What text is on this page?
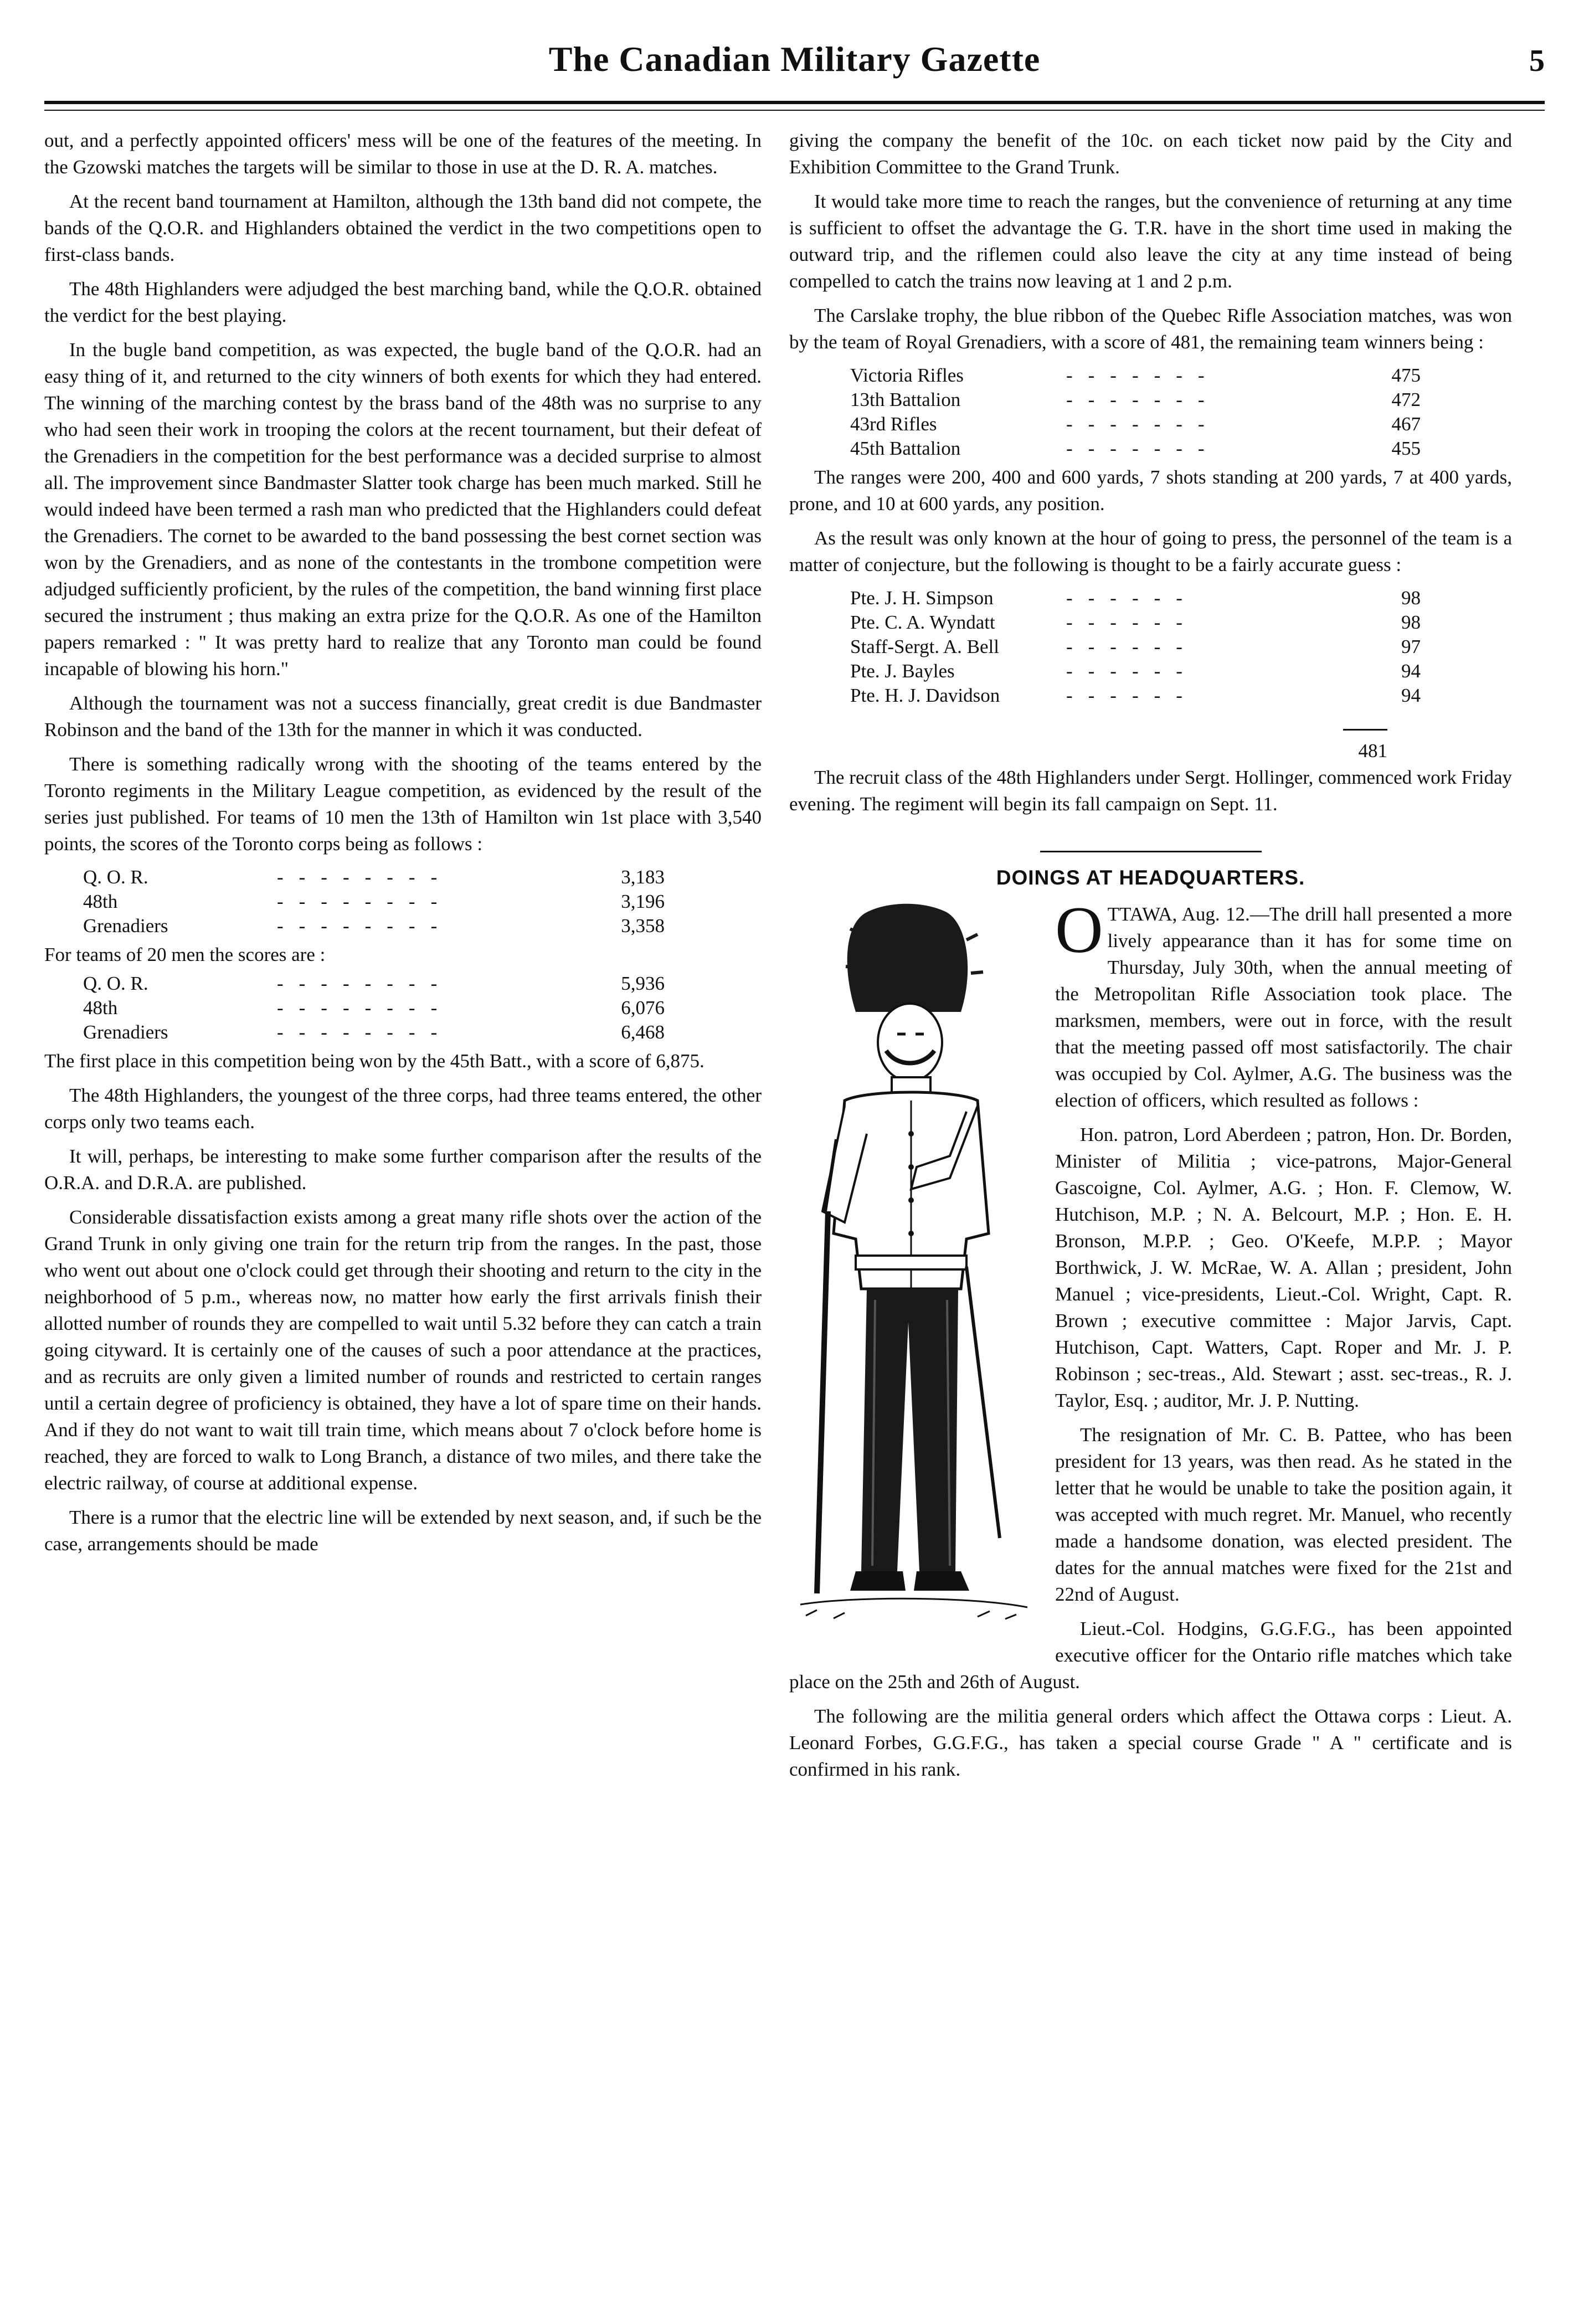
The Canadian Military Gazette	5

out, and a perfectly appointed officers' mess will be one of the features of the meeting. In the Gzowski matches the targets will be similar to those in use at the D. R. A. matches.

At the recent band tournament at Hamilton, although the 13th band did not compete, the bands of the Q.O.R. and Highlanders obtained the verdict in the two competitions open to first-class bands.

The 48th Highlanders were adjudged the best marching band, while the Q.O.R. obtained the verdict for the best playing.

In the bugle band competition, as was expected, the bugle band of the Q.O.R. had an easy thing of it, and returned to the city winners of both exents for which they had entered. The winning of the marching contest by the brass band of the 48th was no surprise to any who had seen their work in trooping the colors at the recent tournament, but their defeat of the Grenadiers in the competition for the best performance was a decided surprise to almost all. The improvement since Bandmaster Slatter took charge has been much marked. Still he would indeed have been termed a rash man who predicted that the Highlanders could defeat the Grenadiers. The cornet to be awarded to the band possessing the best cornet section was won by the Grenadiers, and as none of the contestants in the trombone competition were adjudged sufficiently proficient, by the rules of the competition, the band winning first place secured the instrument ; thus making an extra prize for the Q.O.R. As one of the Hamilton papers remarked : " It was pretty hard to realize that any Toronto man could be found incapable of blowing his horn."

Although the tournament was not a success financially, great credit is due Bandmaster Robinson and the band of the 13th for the manner in which it was conducted.

There is something radically wrong with the shooting of the teams entered by the Toronto regiments in the Military League competition, as evidenced by the result of the series just published. For teams of 10 men the 13th of Hamilton win 1st place with 3,540 points, the scores of the Toronto corps being as follows :

Q. O. R.	--------	3,183
48th	--------	3,196
Grenadiers	--------	3,358

For teams of 20 men the scores are :

Q. O. R.	--------	5,936
48th	--------	6,076
Grenadiers	--------	6,468

The first place in this competition being won by the 45th Batt., with a score of 6,875.

The 48th Highlanders, the youngest of the three corps, had three teams entered, the other corps only two teams each.

It will, perhaps, be interesting to make some further comparison after the results of the O.R.A. and D.R.A. are published.

Considerable dissatisfaction exists among a great many rifle shots over the action of the Grand Trunk in only giving one train for the return trip from the ranges. In the past, those who went out about one o'clock could get through their shooting and return to the city in the neighborhood of 5 p.m., whereas now, no matter how early the first arrivals finish their allotted number of rounds they are compelled to wait until 5.32 before they can catch a train going cityward. It is certainly one of the causes of such a poor attendance at the practices, and as recruits are only given a limited number of rounds and restricted to certain ranges until a certain degree of proficiency is obtained, they have a lot of spare time on their hands. And if they do not want to wait till train time, which means about 7 o'clock before home is reached, they are forced to walk to Long Branch, a distance of two miles, and there take the electric railway, of course at additional expense.

There is a rumor that the electric line will be extended by next season, and, if such be the case, arrangements should be made

giving the company the benefit of the 10c. on each ticket now paid by the City and Exhibition Committee to the Grand Trunk.

It would take more time to reach the ranges, but the convenience of returning at any time is sufficient to offset the advantage the G. T.R. have in the short time used in making the outward trip, and the riflemen could also leave the city at any time instead of being compelled to catch the trains now leaving at 1 and 2 p.m.

The Carslake trophy, the blue ribbon of the Quebec Rifle Association matches, was won by the team of Royal Grenadiers, with a score of 481, the remaining team winners being :

Victoria Rifles	-------	475
13th Battalion	-------	472
43rd Rifles	-------	467
45th Battalion	-------	455

The ranges were 200, 400 and 600 yards, 7 shots standing at 200 yards, 7 at 400 yards, prone, and 10 at 600 yards, any position.

As the result was only known at the hour of going to press, the personnel of the team is a matter of conjecture, but the following is thought to be a fairly accurate guess :

Pte. J. H. Simpson	------	98
Pte. C. A. Wyndatt	------	98
Staff-Sergt. A. Bell	------	97
Pte. J. Bayles	------	94
Pte. H. J. Davidson	------	94
481

The recruit class of the 48th Highlanders under Sergt. Hollinger, commenced work Friday evening. The regiment will begin its fall campaign on Sept. 11.

DOINGS AT HEADQUARTERS.

OTTAWA, Aug. 12.—The drill hall presented a more lively appearance than it has for some time on Thursday, July 30th, when the annual meeting of the Metropolitan Rifle Association took place. The marksmen, members, were out in force, with the result that the meeting passed off most satisfactorily. The chair was occupied by Col. Aylmer, A.G. The business was the election of officers, which resulted as follows :

Hon. patron, Lord Aberdeen ; patron, Hon. Dr. Borden, Minister of Militia ; vice-patrons, Major-General Gascoigne, Col. Aylmer, A.G. ; Hon. F. Clemow, W. Hutchison, M.P. ; N. A. Belcourt, M.P. ; Hon. E. H. Bronson, M.P.P. ; Geo. O'Keefe, M.P.P. ; Mayor Borthwick, J. W. McRae, W. A. Allan ; president, John Manuel ; vice-presidents, Lieut.-Col. Wright, Capt. R. Brown ; executive committee : Major Jarvis, Capt. Hutchison, Capt. Watters, Capt. Roper and Mr. J. P. Robinson ; sec-treas., Ald. Stewart ; asst. sec-treas., R. J. Taylor, Esq. ; auditor, Mr. J. P. Nutting.

The resignation of Mr. C. B. Pattee, who has been president for 13 years, was then read. As he stated in the letter that he would be unable to take the position again, it was accepted with much regret. Mr. Manuel, who recently made a handsome donation, was elected president. The dates for the annual matches were fixed for the 21st and 22nd of August.

Lieut.-Col. Hodgins, G.G.F.G., has been appointed executive officer for the Ontario rifle matches which take place on the 25th and 26th of August.

The following are the militia general orders which affect the Ottawa corps : Lieut. A. Leonard Forbes, G.G.F.G., has taken a special course Grade " A " certificate and is confirmed in his rank.
